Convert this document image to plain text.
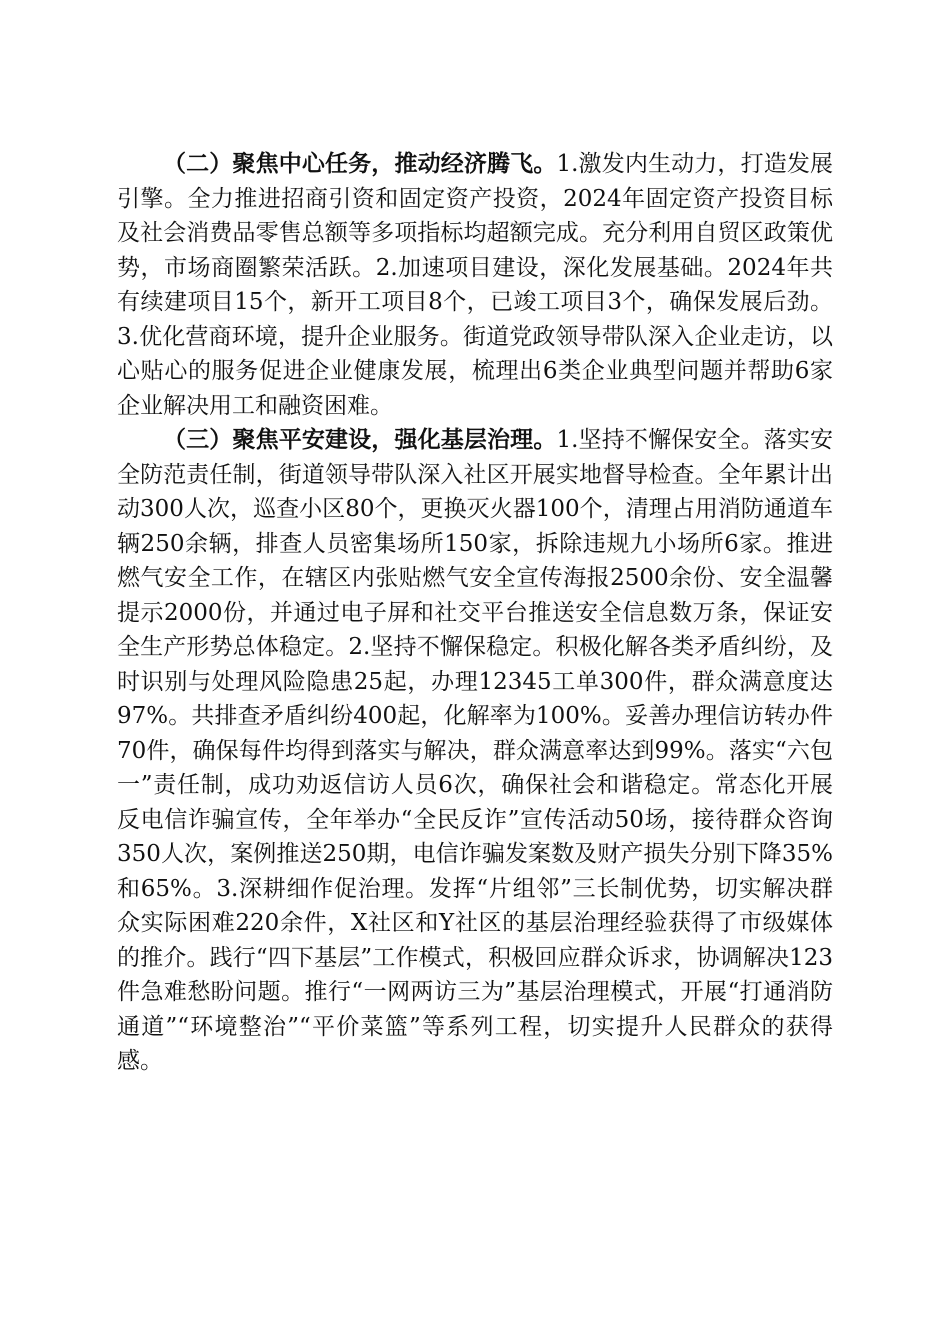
（二）聚焦中心任务，推动经济腾飞。1.激发内生动力，打造发展引擎。全力推进招商引资和固定资产投资，2024年固定资产投资目标及社会消费品零售总额等多项指标均超额完成。充分利用自贸区政策优势，市场商圈繁荣活跃。2.加速项目建设，深化发展基础。2024年共有续建项目15个，新开工项目8个，已竣工项目3个，确保发展后劲。3.优化营商环境，提升企业服务。街道党政领导带队深入企业走访，以心贴心的服务促进企业健康发展，梳理出6类企业典型问题并帮助6家企业解决用工和融资困难。

（三）聚焦平安建设，强化基层治理。1.坚持不懈保安全。落实安全防范责任制，街道领导带队深入社区开展实地督导检查。全年累计出动300人次，巡查小区80个，更换灭火器100个，清理占用消防通道车辆250余辆，排查人员密集场所150家，拆除违规九小场所6家。推进燃气安全工作，在辖区内张贴燃气安全宣传海报2500余份、安全温馨提示2000份，并通过电子屏和社交平台推送安全信息数万条，保证安全生产形势总体稳定。2.坚持不懈保稳定。积极化解各类矛盾纠纷，及时识别与处理风险隐患25起，办理12345工单300件，群众满意度达97%。共排查矛盾纠纷400起，化解率为100%。妥善办理信访转办件70件，确保每件均得到落实与解决，群众满意率达到99%。落实“六包一”责任制，成功劝返信访人员6次，确保社会和谐稳定。常态化开展反电信诈骗宣传，全年举办“全民反诈”宣传活动50场，接待群众咨询350人次，案例推送250期，电信诈骗发案数及财产损失分别下降35%和65%。3.深耕细作促治理。发挥“片组邻”三长制优势，切实解决群众实际困难220余件，X社区和Y社区的基层治理经验获得了市级媒体的推介。践行“四下基层”工作模式，积极回应群众诉求，协调解决123件急难愁盼问题。推行“一网两访三为”基层治理模式，开展“打通消防通道”“环境整治”“平价菜篮”等系列工程，切实提升人民群众的获得感。
